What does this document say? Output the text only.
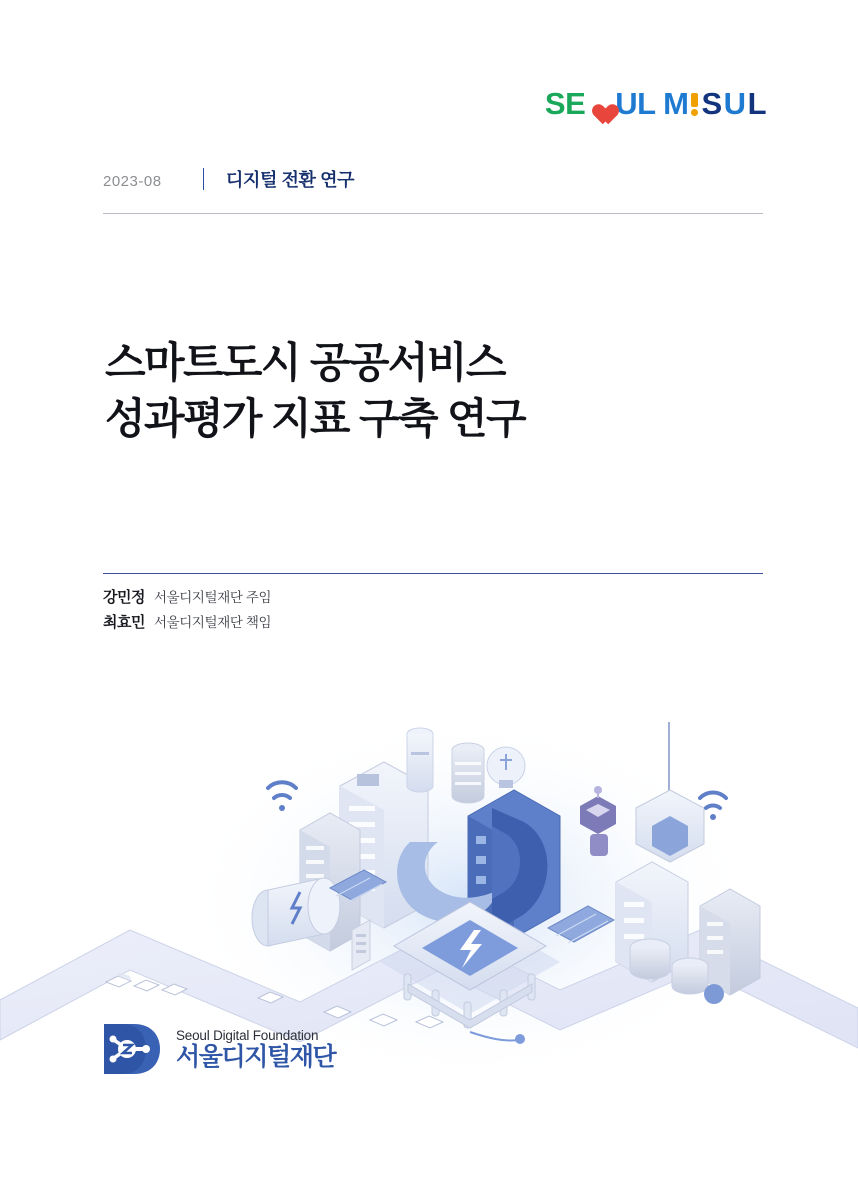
SE UL M S U L
2023-08	디지털 전환 연구
스마트도시 공공서비스
성과평가 지표 구축 연구
강민정 서울디지털재단 주임
최효민 서울디지털재단 책임
Seoul Digital Foundation
서울디지털재단
